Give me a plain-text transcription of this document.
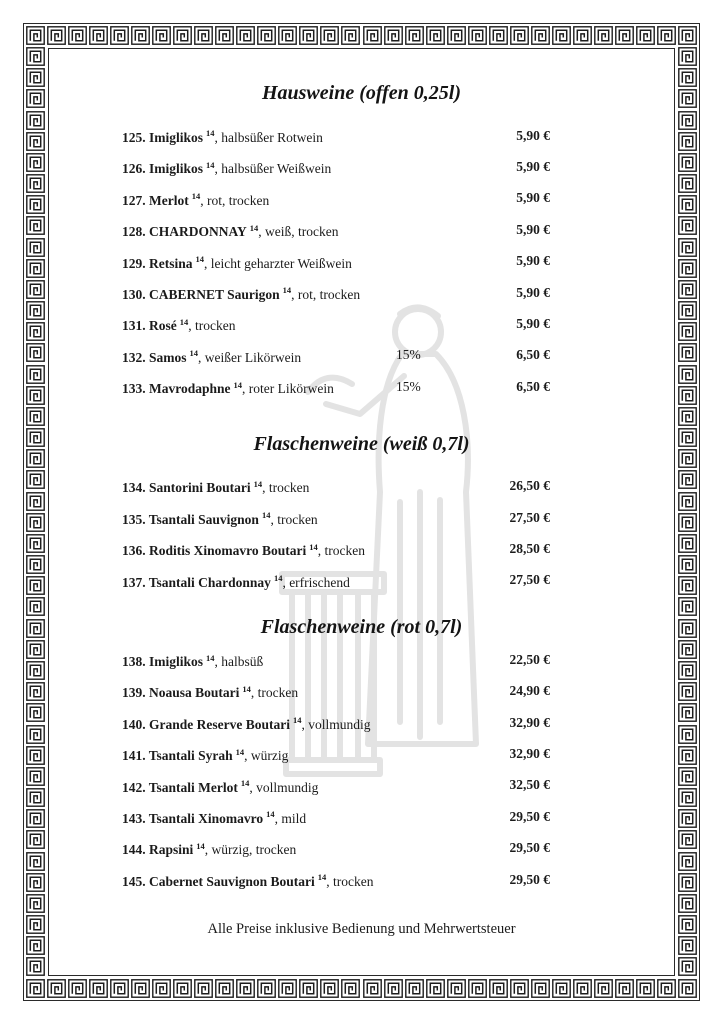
Hausweine (offen 0,25l)
125. Imiglikos $^{14}$, halbsüßer Rotwein	5,90 €
126. Imiglikos $^{14}$, halbsüßer Weißwein	5,90 €
127. Merlot $^{14}$, rot, trocken	5,90 €
128. CHARDONNAY $^{14}$, weiß, trocken	5,90 €
129. Retsina $^{14}$, leicht geharzter Weißwein	5,90 €
130. CABERNET Saurigon $^{14}$, rot, trocken	5,90 €
131. Rosé $^{14}$, trocken	5,90 €
132. Samos $^{14}$, weißer Likörwein	15%	6,50 €
133. Mavrodaphne $^{14}$, roter Likörwein	15%	6,50 €
Flaschenweine (weiß 0,7l)
134. Santorini Boutari $^{14}$, trocken	26,50 €
135. Tsantali Sauvignon $^{14}$, trocken	27,50 €
136. Roditis Xinomavro Boutari $^{14}$, trocken	28,50 €
137. Tsantali Chardonnay $^{14}$, erfrischend	27,50 €
Flaschenweine (rot 0,7l)
138. Imiglikos $^{14}$, halbsüß	22,50 €
139. Noausa Boutari $^{14}$, trocken	24,90 €
140. Grande Reserve Boutari $^{14}$, vollmundig	32,90 €
141. Tsantali Syrah $^{14}$, würzig	32,90 €
142. Tsantali Merlot $^{14}$, vollmundig	32,50 €
143. Tsantali Xinomavro $^{14}$, mild	29,50 €
144. Rapsini $^{14}$, würzig, trocken	29,50 €
145. Cabernet Sauvignon Boutari $^{14}$, trocken	29,50 €

Alle Preise inklusive Bedienung und Mehrwertsteuer
